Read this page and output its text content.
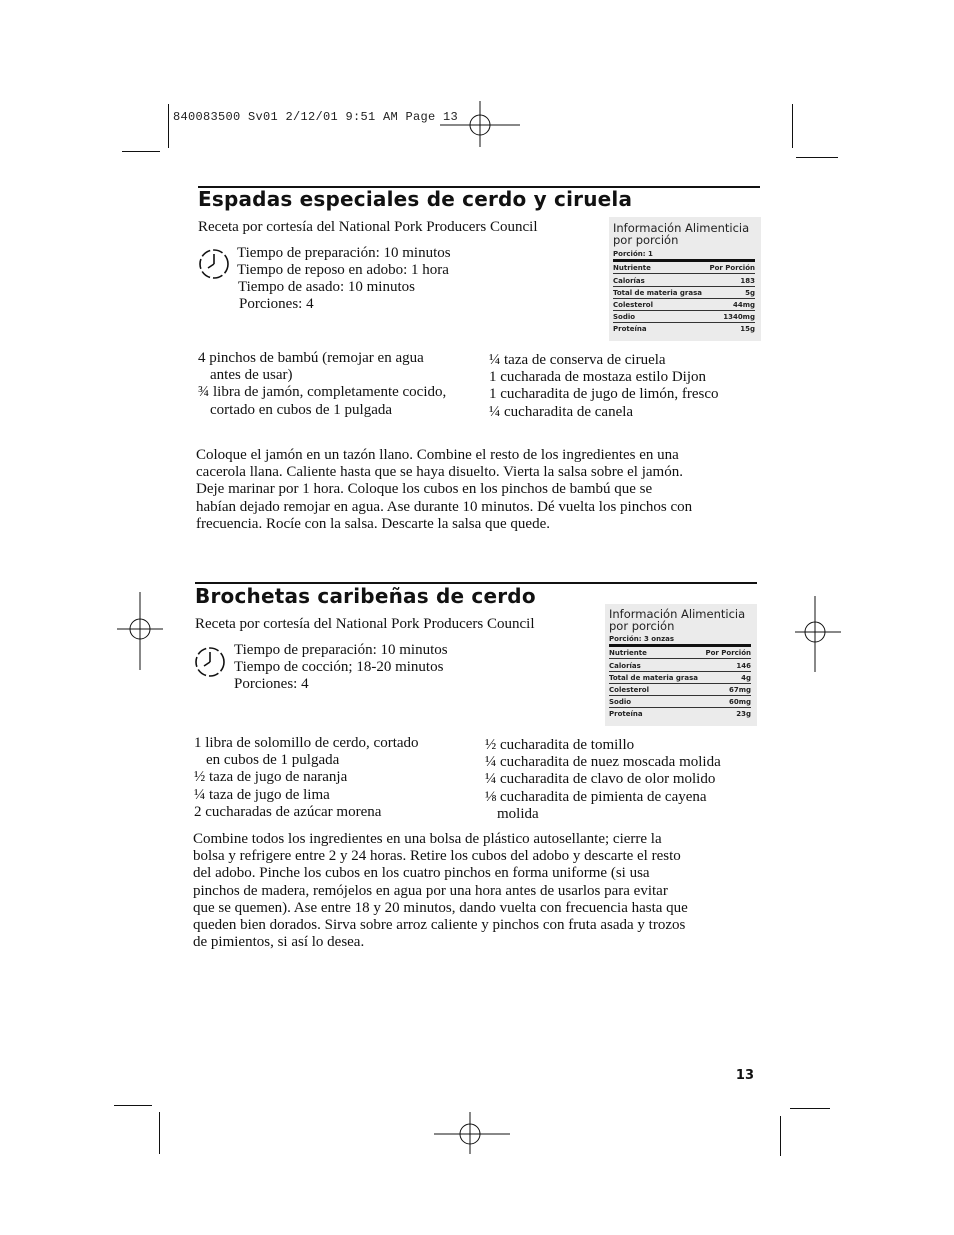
840083500 Sv01 2/12/01 9:51 AM Page 13
Espadas especiales de cerdo y ciruela
Receta por cortesía del National Pork Producers Council
Tiempo de preparación: 10 minutos
Tiempo de reposo en adobo: 1 hora
Tiempo de asado: 10 minutos
Porciones: 4
Información Alimenticia
por porción
Porción: 1
Nutriente	Por Porción
Calorías	183
Total de materia grasa	5g
Colesterol	44mg
Sodio	1340mg
Proteína	15g
4 pinchos de bambú (remojar en agua
antes de usar)
¾ libra de jamón, completamente cocido,
cortado en cubos de 1 pulgada
¼ taza de conserva de ciruela
1 cucharada de mostaza estilo Dijon
1 cucharadita de jugo de limón, fresco
¼ cucharadita de canela
Coloque el jamón en un tazón llano. Combine el resto de los ingredientes en una
cacerola llana. Caliente hasta que se haya disuelto. Vierta la salsa sobre el jamón.
Deje marinar por 1 hora. Coloque los cubos en los pinchos de bambú que se
habían dejado remojar en agua. Ase durante 10 minutos. Dé vuelta los pinchos con
frecuencia. Rocíe con la salsa. Descarte la salsa que quede.
Brochetas caribeñas de cerdo
Receta por cortesía del National Pork Producers Council
Tiempo de preparación: 10 minutos
Tiempo de cocción; 18-20 minutos
Porciones: 4
Información Alimenticia
por porción
Porción: 3 onzas
Nutriente	Por Porción
Calorías	146
Total de materia grasa	4g
Colesterol	67mg
Sodio	60mg
Proteína	23g
1 libra de solomillo de cerdo, cortado
en cubos de 1 pulgada
½ taza de jugo de naranja
¼ taza de jugo de lima
2 cucharadas de azúcar morena
½ cucharadita de tomillo
¼ cucharadita de nuez moscada molida
¼ cucharadita de clavo de olor molido
⅛ cucharadita de pimienta de cayena
molida
Combine todos los ingredientes en una bolsa de plástico autosellante; cierre la
bolsa y refrigere entre 2 y 24 horas. Retire los cubos del adobo y descarte el resto
del adobo. Pinche los cubos en los cuatro pinchos en forma uniforme (si usa
pinchos de madera, remójelos en agua por una hora antes de usarlos para evitar
que se quemen). Ase entre 18 y 20 minutos, dando vuelta con frecuencia hasta que
queden bien dorados. Sirva sobre arroz caliente y pinchos con fruta asada y trozos
de pimientos, si así lo desea.
13
